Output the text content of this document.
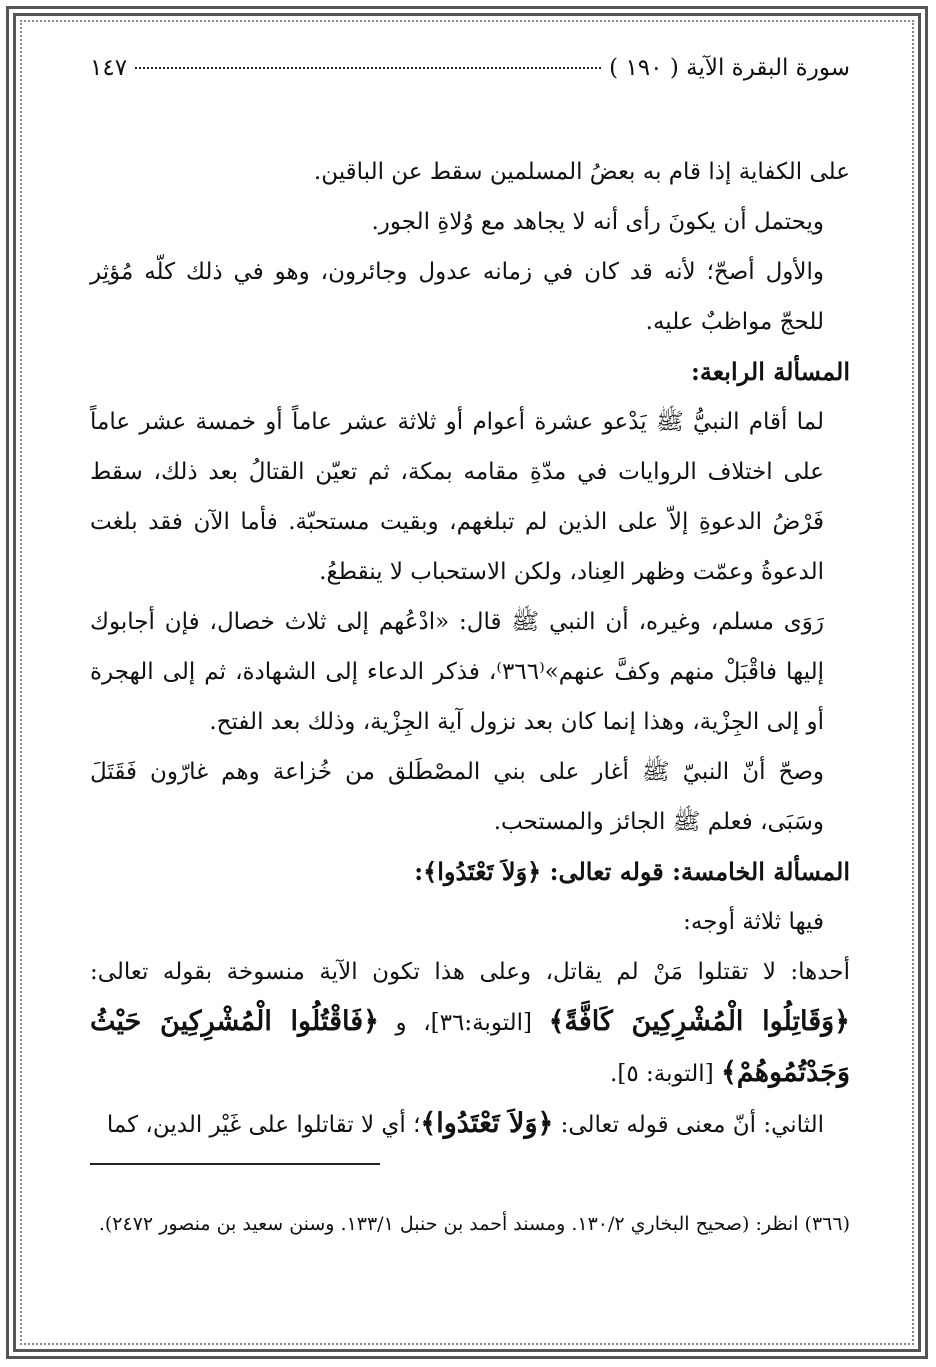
سورة البقرة الآية ( ١٩٠ )
١٤٧

على الكفاية إذا قام به بعضُ المسلمين سقط عن الباقين.

ويحتمل أن يكونَ رأى أنه لا يجاهد مع وُلاةِ الجور.

والأول أصحّ؛ لأنه قد كان في زمانه عدول وجائرون، وهو في ذلك كلّه مُؤثِر للحجّ مواظبٌ عليه.

المسألة الرابعة:

لما أقام النبيُّ ﷺ يَدْعو عشرة أعوام أو ثلاثة عشر عاماً أو خمسة عشر عاماً على اختلاف الروايات في مدّةِ مقامه بمكة، ثم تعيّن القتالُ بعد ذلك، سقط فَرْضُ الدعوةِ إلاّ على الذين لم تبلغهم، وبقيت مستحبّة. فأما الآن فقد بلغت الدعوةُ وعمّت وظهر العِناد، ولكن الاستحباب لا ينقطعُ.

رَوَى مسلم، وغيره، أن النبي ﷺ قال: «ادْعُهم إلى ثلاث خصال، فإن أجابوك إليها فاقْبَلْ منهم وكفَّ عنهم»⁽٣٦٦⁾، فذكر الدعاء إلى الشهادة، ثم إلى الهجرة أو إلى الجِزْية، وهذا إنما كان بعد نزول آية الجِزْية، وذلك بعد الفتح.

وصحّ أنّ النبيّ ﷺ أغار على بني المصْطَلق من خُزاعة وهم غارّون فَقَتَلَ وسَبَى، فعلم ﷺ الجائز والمستحب.

المسألة الخامسة: قوله تعالى: ﴿وَلاَ تَعْتَدُوا﴾:

فيها ثلاثة أوجه:

أحدها: لا تقتلوا مَنْ لم يقاتل، وعلى هذا تكون الآية منسوخة بقوله تعالى: ﴿وَقَاتِلُوا الْمُشْرِكِينَ كَافَّةً﴾ [التوبة:٣٦]، و ﴿فَاقْتُلُوا الْمُشْرِكِينَ حَيْثُ وَجَدْتُمُوهُمْ﴾ [التوبة: ٥].

الثاني: أنّ معنى قوله تعالى: ﴿وَلاَ تَعْتَدُوا﴾؛ أي لا تقاتلوا على غَيْر الدين، كما

(٣٦٦) انظر: (صحيح البخاري ١٣٠/٢. ومسند أحمد بن حنبل ١٣٣/١. وسنن سعيد بن منصور ٢٤٧٢).
